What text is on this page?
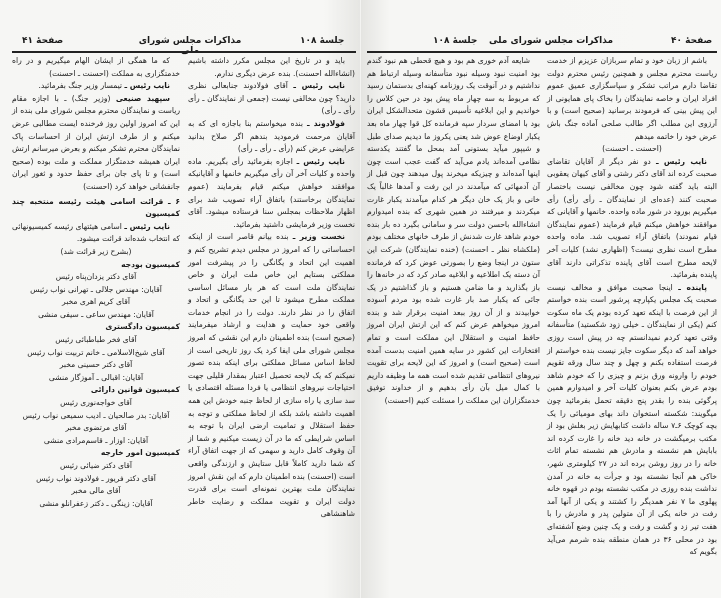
صفحهٔ ۴۱	مذاکرات مجلس شورای	جلسهٔ ۱۰۸

که ما همگی از ایشان الهام میگیریم و در راه خدمتگزاری به مملکت (احسنت ـ احسنت)

نایب رئیس ـ تیمسار وزیر جنگ بفرمائید.

سپهبد صنیعی (وزیر جنگ) ـ با اجازه مقام ریاست و نمایندگان محترم مجلس شورای ملی بنده از این که امروز اولین روز فرخنده ایست مطالبی عرض میکنم و از طرف ارتش ایران از احساسات پاک نمایندگان محترم تشکر میکنم و بعرض میرسانم ارتش ایران همیشه خدمتگزار مملکت و ملت بوده (صحیح است) و تا پای جان برای حفظ حدود و ثغور ایران جانفشانی خواهد کرد (احسنت)

۶ ـ قرائت اسامی هیئت رئیسه منتخبه چند کمیسیون

نایب رئیس ـ اسامی هیئتهای رئیسه کمیسیونهائی که انتخاب شده‌اند قرائت میشود.

(بشرح زیر قرائت شد)

کمیسیون بودجه

آقای دکتر یزدان‌پناه رئیس

آقایان: مهندس جلالی ـ تهرانی نواب رئیس

آقای کریم اهری مخبر

آقایان: مهندس ساعی ـ سیفی منشی

کمیسیون دادگستری

آقای فخر طباطبائی رئیس

آقای شیخ‌الاسلامی ـ خانم تربیت نواب رئیس

آقای دکتر حسینی مخبر

آقایان: اقبالی ـ آموزگار منشی

کمیسیون قوانین دارائی

آقای خواجه‌نوری رئیس

آقایان: بدر صالحیان ـ ادیب سمیعی نواب رئیس

آقای مرتضوی مخبر

آقایان: اوزار ـ قاسم‌مرادی منشی

کمیسیون امور خارجه

آقای دکتر ضیائی رئیس

آقای دکتر فریور ـ فولادوند نواب رئیس

آقای مالی مخبر

آقایان: زینگی ـ دکتر زعفرانلو منشی

باید و در تاریخ این مجلس مکرر داشته باشیم (انشاءالله احسنت). بنده عرض دیگری ندارم.

نایب رئیس ـ آقای فولادوند جنابعالی نظری دارید؟ چون مخالفی نیست (جمعی از نمایندگان ـ رأی رأی ـ رأی)

فولادوند ـ بنده میخواستم بنا باجازه ای که به آقایان مرحمت فرمودید بندهم اگر صلاح بدانید عرایضی عرض کنم (رأی ـ رأی ـ رأی)

نایب رئیس ـ اجازه بفرمائید رأی بگیریم. ماده واحده و کلیات آخر آن رأی میگیریم خانمها و آقایانیکه موافقند خواهش میکنم قیام بفرمایند (عموم نمایندگان برخاستند) باتفاق آراء تصویب شد برای اظهار ملاحظات بمجلس سنا فرستاده میشود. آقای نخست وزیر فرمایشی داشتید بفرمائید.

نخست وزیر ـ بنده بیانم قاصر است از اینکه احساساتی را که امروز در مجلس دیدم تشریح کنم و اهمیت این اتحاد و یگانگی را در پیشرفت امور مملکتی بستایم این خاص ملت ایران و خاص نمایندگان ملت است که هر بار مسائل اساسی مملکت مطرح میشود تا این حد یگانگی و اتحاد و اتفاق را در نظر دارند. دولت را در انجام خدمات واقعی خود حمایت و هدایت و ارشاد میفرمایند (صحیح است) بنده اطمینان دارم این نقشی که امروز مجلس شورای ملی ایفا کرد یک روز تاریخی است از لحاظ اساس مسائل مملکتی برای اینکه بنده تصور نمیکنم که یک لایحه تحصیل اعتبار بمقدار قلیلی جهت احتیاجات نیروهای انتظامی یا فردا مسئله اقتصادی یا سد سازی یا راه سازی از لحاظ جنبه خودش این همه اهمیت داشته باشد بلکه از لحاظ مملکتی و توجه به حفظ استقلال و تمامیت ارضی ایران با توجه به اساس شرایطی که ما در آن زیست میکنیم و شما از آن وقوف کامل دارید و سهمی که از جهت اتفاق آراء که شما دارید کاملاً قابل ستایش و ارزندگی واقعی است (احسنت) بنده اطمینان دارم که این نقش امروز نمایندگان ملت بهترین نمونه‌ای است برای قدرت دولت ایران و تقویت مملکت و رضایت خاطر شاهنشاهی

جلسهٔ ۱۰۸	مذاکرات مجلس شورای ملی	صفحهٔ ۴۰

شایعه آدم خوری هم بود و هیچ قحطی هم نبود گندم بود امنیت نبود وسیله نبود متأسفانه وسیله ارتباط هم نداشتیم و در آنوقت یک روزنامه کهنه‌ای بدستمان رسید که مربوط به سه چهار ماه پیش بود در حین کلاس را خواندیم و این ابلاغیه تأسیس قشون متحدالشکل ایران بود با امضای سردار سپه فرمانده کل قوا چهار ماه بعد یکبار اوضاع عوض شد یعنی یکروز ما دیدیم صدای طبل و شیپور میآید بستونی آمد بمحل ما گفتند یکدسته نظامی آمده‌اند یادم می‌آید که گفت عجب است چون اینها آمده‌اند و چیزیکه میخرند پول میدهند چون قبل از آن آدمهائی که میآمدند در این رفت و آمدها غالباً یک خانی و باز یک خان دیگر هر کدام میآمدند یکبار غارت میکردند و میرفتند در همین شهری که بنده امیدوارم انشاءالله باحسن دولت سر و سامانی بگیرد ده بار بنده خودم شاهد غارت شدنش از طرف خانهای مختلف بودم (ملکشاه نظر ـ احسنت) (خنده نمایندگان) شرکت این ستون در اینجا وضع را بصورتی عوض کرد که فرمانده آن دسته یک اطلاعیه و ابلاغیه صادر کرد که در خانه‌ها را باز بگذارید و ما ضامن هستیم و باز گذاشتیم در یک جائی که یکبار صد بار غارت شده بود مردم آسوده خوابیدند و از آن روز ببعد امنیت برقرار شد و بنده امروز میخواهم عرض کنم که این ارتش ایران امروز حافظ امنیت و استقلال این مملکت است و تمام افتخارات این کشور در سایه همین امنیت بدست آمده است (صحیح است) و امروز که این لایحه برای تقویت نیروهای انتظامی تقدیم شده است همه ما وظیفه داریم با کمال میل بآن رأی بدهیم و از خداوند توفیق خدمتگزاران این مملکت را مسئلت کنیم (احسنت)

باشم از زبان خود و تمام سربازان عزیزم از خدمت ریاست محترم مجلس و همچنین رئیس محترم دولت تقاضا دارم مراتب تشکر و سپاسگزاری عمیق عموم افراد ایران و خاصه نمایندگان را بخاک پای همایونی از این پیش بینی که فرمودند برسانید (صحیح است) و با آرزوی این مطلب اگر طالب صلحی آماده جنگ باش عرض خود را خاتمه میدهم

(احسنت ـ احسنت)

نایب رئیس ـ دو نفر دیگر از آقایان تقاضای صحبت کرده اند آقای دکتر رشتی و آقای کیهان یعقوبی البته باید گفته شود چون مخالفی نیست باختصار صحبت کنند (عده‌ای از نمایندگان ـ رأی رأی) رأی میگیریم بورود در شور ماده واحده. خانمها و آقایانی که موافقند خواهش میکنم قیام فرمایند (عموم نمایندگان قیام نمودند) باتفاق آراء تصویب شد. ماده واحده مطرح است نظری نیست؟ (اظهاری نشد) کلیات آخر لایحه مطرح است آقای پاینده تذکراتی دارند آقای پاینده بفرمائید.

پاینده ـ اینجا صحبت موافق و مخالف نیست صحبت یک مجلس یکپارچه پرشور است بنده خواستم از این فرصت با اینکه تعهد کرده بودم یک ماه سکوت کنم (یکی از نمایندگان ـ خیلی زود شکستید) متأسفانه وقتی تعهد کردم نمیدانستم چه در پیش است روزی خواهد آمد که دیگر سکوت جایز نیست بنده خواستم از فرصت استفاده بکنم و چهل و چند سال ورقه تقویم خودم را وارونه ورق بزنم و چیزی را که خودم شاهد بودم عرض بکنم بعنوان کلیات آخر و امیدوارم همین پرگوئی بنده را بقدر پنج دقیقه تحمل بفرمائید چون میگویند: شکسته استخوان داند بهای مومیائی را یک بچه کوچک ۶ـ۷ ساله داشت کتابهایش زیر بغلش بود از مکتب برمیگشت در خانه دید خانه را غارت کرده اند بابایش هم نشسته و مادرش هم نشسته تمام اثاث خانه را در روز روشن برده اند در ۲۷ کیلومتری شهر، خاکی هم آنجا نشسته بود و جرأت به خانه در آمدن نداشت بنده روزی در مکتب نشسته بودم در قهوه خانه پهلوی ما ۷ نفر همدیگر را کشتند و یکی از آنها آمد رفت در خانه یکی از آن متولین پدر و مادرش را با هفت تیر زد و گشت و رفت و یک چنین وضع آشفته‌ای بود در محلی ۳۶ در همان منطقه بنده شرمم می‌آید بگویم که
